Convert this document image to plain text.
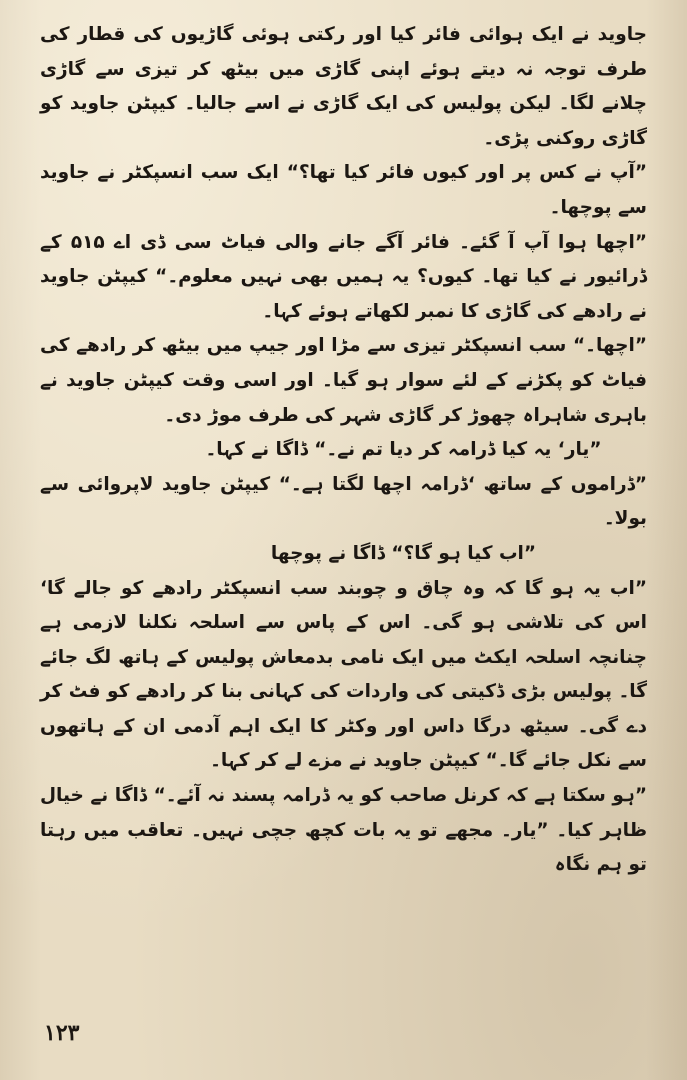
جاوید نے ایک ہوائی فائر کیا اور رکتی ہوئی گاڑیوں کی قطار کی طرف توجہ نہ دیتے ہوئے اپنی گاڑی میں بیٹھ کر تیزی سے گاڑی چلانے لگا۔ لیکن پولیس کی ایک گاڑی نے اسے جالیا۔ کیپٹن جاوید کو گاڑی روکنی پڑی۔

”آپ نے کس پر اور کیوں فائر کیا تھا؟“ ایک سب انسپکٹر نے جاوید سے پوچھا۔

”اچھا ہوا آپ آ گئے۔ فائر آگے جانے والی فیاٹ سی ڈی اے ۵۱۵ کے ڈرائیور نے کیا تھا۔ کیوں؟ یہ ہمیں بھی نہیں معلوم۔“ کیپٹن جاوید نے رادھے کی گاڑی کا نمبر لکھاتے ہوئے کہا۔

”اچھا۔“ سب انسپکٹر تیزی سے مڑا اور جیپ میں بیٹھ کر رادھے کی فیاٹ کو پکڑنے کے لئے سوار ہو گیا۔ اور اسی وقت کیپٹن جاوید نے باہری شاہراہ چھوڑ کر گاڑی شہر کی طرف موڑ دی۔

”یار‘ یہ کیا ڈرامہ کر دیا تم نے۔“ ڈاگا نے کہا۔

”ڈراموں کے ساتھ ‘ڈرامہ اچھا لگتا ہے۔“ کیپٹن جاوید لاپروائی سے بولا۔

”اب کیا ہو گا؟“ ڈاگا نے پوچھا

”اب یہ ہو گا کہ وہ چاق و چوبند سب انسپکٹر رادھے کو جالے گا‘ اس کی تلاشی ہو گی۔ اس کے پاس سے اسلحہ نکلنا لازمی ہے چنانچہ اسلحہ ایکٹ میں ایک نامی بدمعاش پولیس کے ہاتھ لگ جائے گا۔ پولیس بڑی ڈکیتی کی واردات کی کہانی بنا کر رادھے کو فٹ کر دے گی۔ سیٹھ درگا داس اور وکٹر کا ایک اہم آدمی ان کے ہاتھوں سے نکل جائے گا۔“ کیپٹن جاوید نے مزے لے کر کہا۔

”ہو سکتا ہے کہ کرنل صاحب کو یہ ڈرامہ پسند نہ آئے۔“ ڈاگا نے خیال ظاہر کیا۔ ”یار۔ مجھے تو یہ بات کچھ جچی نہیں۔ تعاقب میں رہتا تو ہم نگاہ

۱۲۳
